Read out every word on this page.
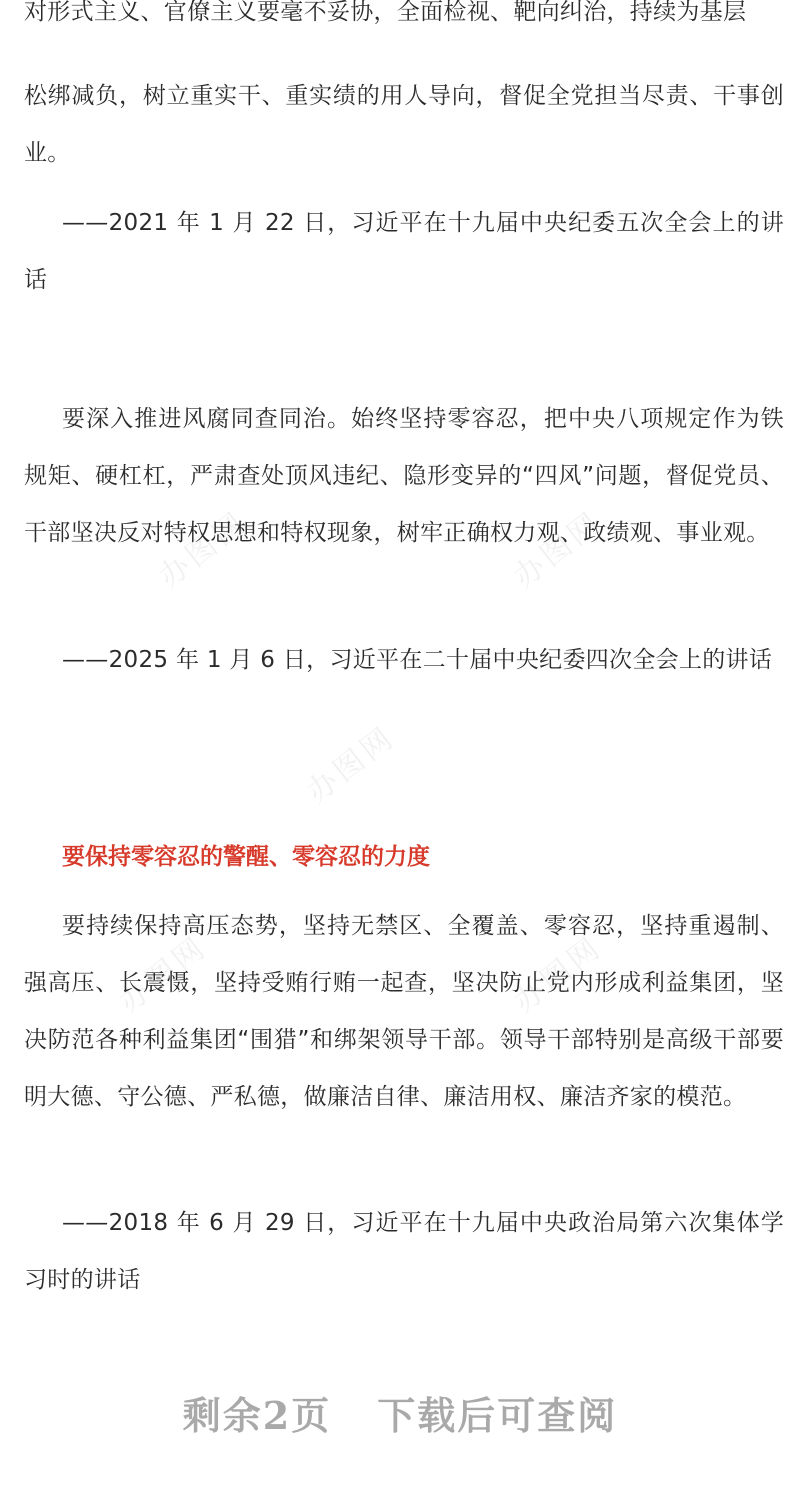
办图网	办图网
办图网
办图网	办图网

对形式主义、官僚主义要毫不妥协，全面检视、靶向纠治，持续为基层

松绑减负，树立重实干、重实绩的用人导向，督促全党担当尽责、干事创业。

——2021 年 1 月 22 日，习近平在十九届中央纪委五次全会上的讲话

要深入推进风腐同查同治。始终坚持零容忍，把中央八项规定作为铁规矩、硬杠杠，严肃查处顶风违纪、隐形变异的“四风”问题，督促党员、干部坚决反对特权思想和特权现象，树牢正确权力观、政绩观、事业观。

——2025 年 1 月 6 日，习近平在二十届中央纪委四次全会上的讲话

要保持零容忍的警醒、零容忍的力度

要持续保持高压态势，坚持无禁区、全覆盖、零容忍，坚持重遏制、强高压、长震慑，坚持受贿行贿一起查，坚决防止党内形成利益集团，坚决防范各种利益集团“围猎”和绑架领导干部。领导干部特别是高级干部要明大德、守公德、严私德，做廉洁自律、廉洁用权、廉洁齐家的模范。

——2018 年 6 月 29 日，习近平在十九届中央政治局第六次集体学习时的讲话

剩余2页 下载后可查阅
